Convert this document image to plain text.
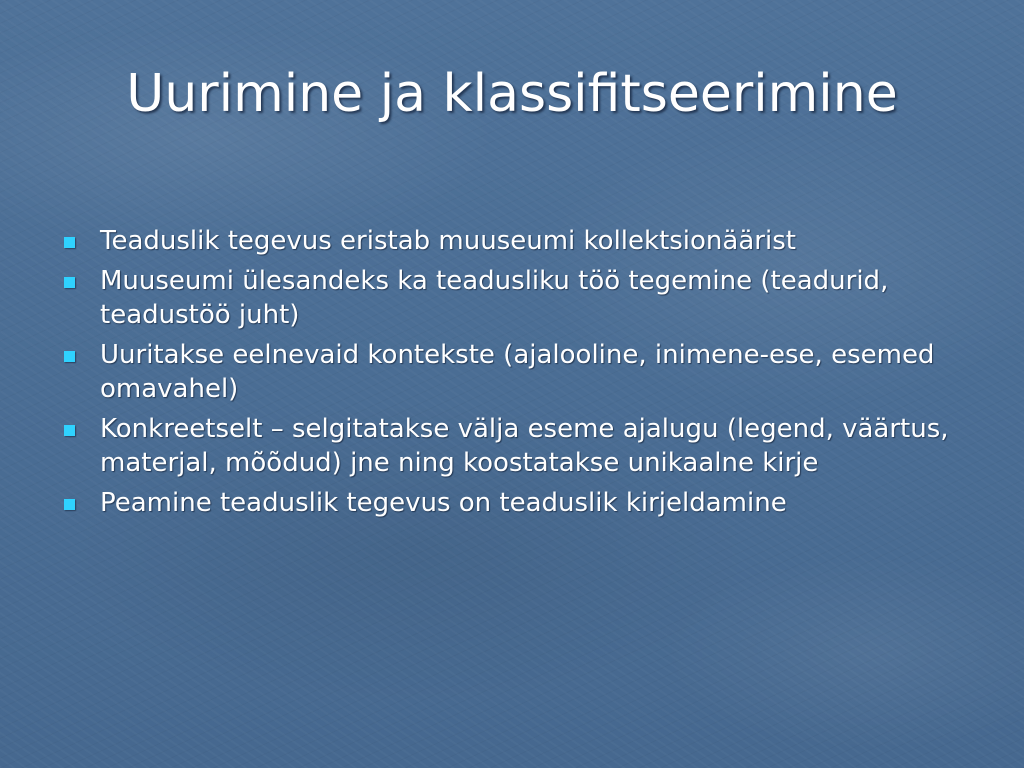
Uurimine ja klassifitseerimine
Teaduslik tegevus eristab muuseumi kollektsionäärist
Muuseumi ülesandeks ka teadusliku töö tegemine (teadurid, teadustöö juht)
Uuritakse eelnevaid kontekste (ajalooline, inimene-ese, esemed omavahel)
Konkreetselt – selgitatakse välja eseme ajalugu (legend, väärtus, materjal, mõõdud) jne ning koostatakse unikaalne kirje
Peamine teaduslik tegevus on teaduslik kirjeldamine
